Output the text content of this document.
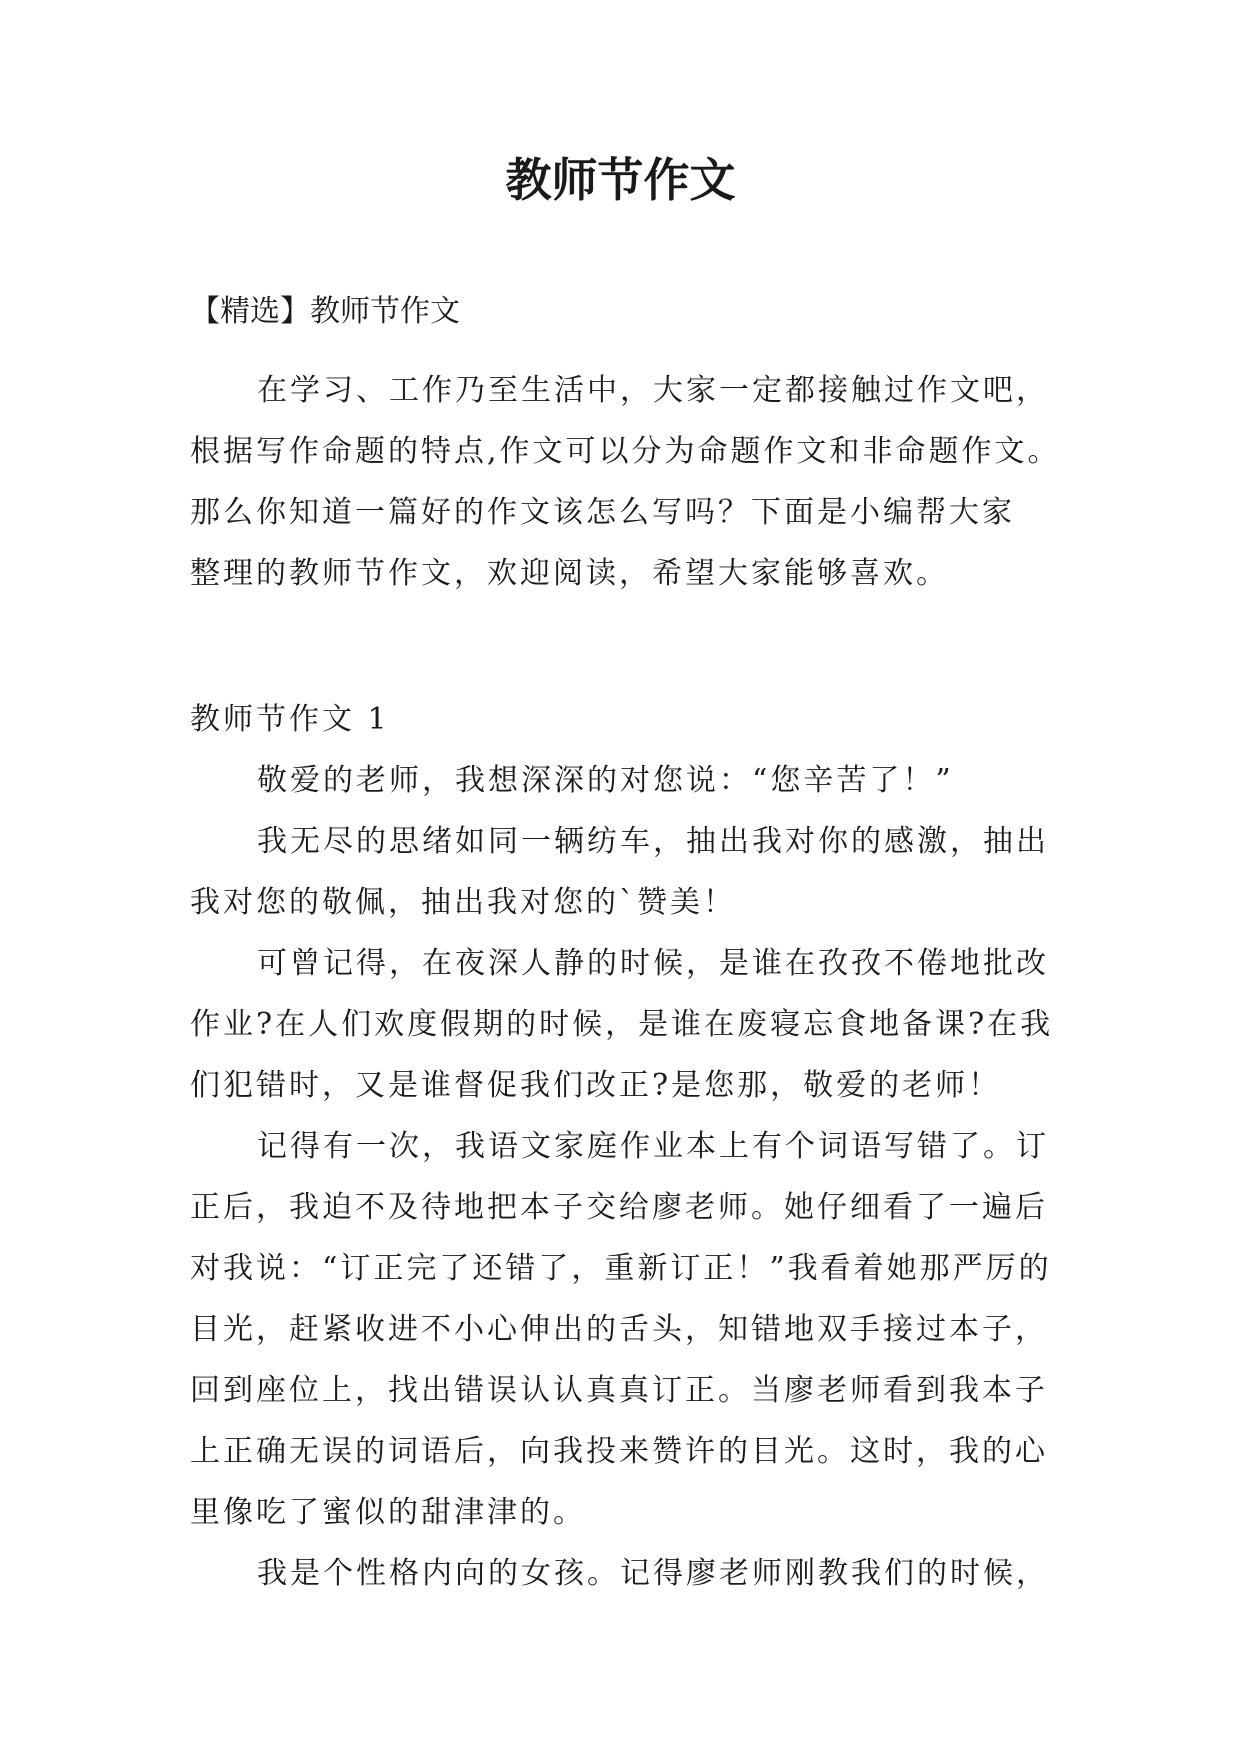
教师节作文

【精选】教师节作文

在学习、工作乃至生活中，大家一定都接触过作文吧，

根据写作命题的特点,作文可以分为命题作文和非命题作文。

那么你知道一篇好的作文该怎么写吗？下面是小编帮大家

整理的教师节作文，欢迎阅读，希望大家能够喜欢。

教师节作文 1

敬爱的老师，我想深深的对您说：“您辛苦了！”

我无尽的思绪如同一辆纺车，抽出我对你的感激，抽出

我对您的敬佩，抽出我对您的`赞美！

可曾记得，在夜深人静的时候，是谁在孜孜不倦地批改

作业?在人们欢度假期的时候，是谁在废寝忘食地备课?在我

们犯错时，又是谁督促我们改正?是您那，敬爱的老师！

记得有一次，我语文家庭作业本上有个词语写错了。订

正后，我迫不及待地把本子交给廖老师。她仔细看了一遍后

对我说：“订正完了还错了，重新订正！”我看着她那严厉的

目光，赶紧收进不小心伸出的舌头，知错地双手接过本子，

回到座位上，找出错误认认真真订正。当廖老师看到我本子

上正确无误的词语后，向我投来赞许的目光。这时，我的心

里像吃了蜜似的甜津津的。

我是个性格内向的女孩。记得廖老师刚教我们的时候，
